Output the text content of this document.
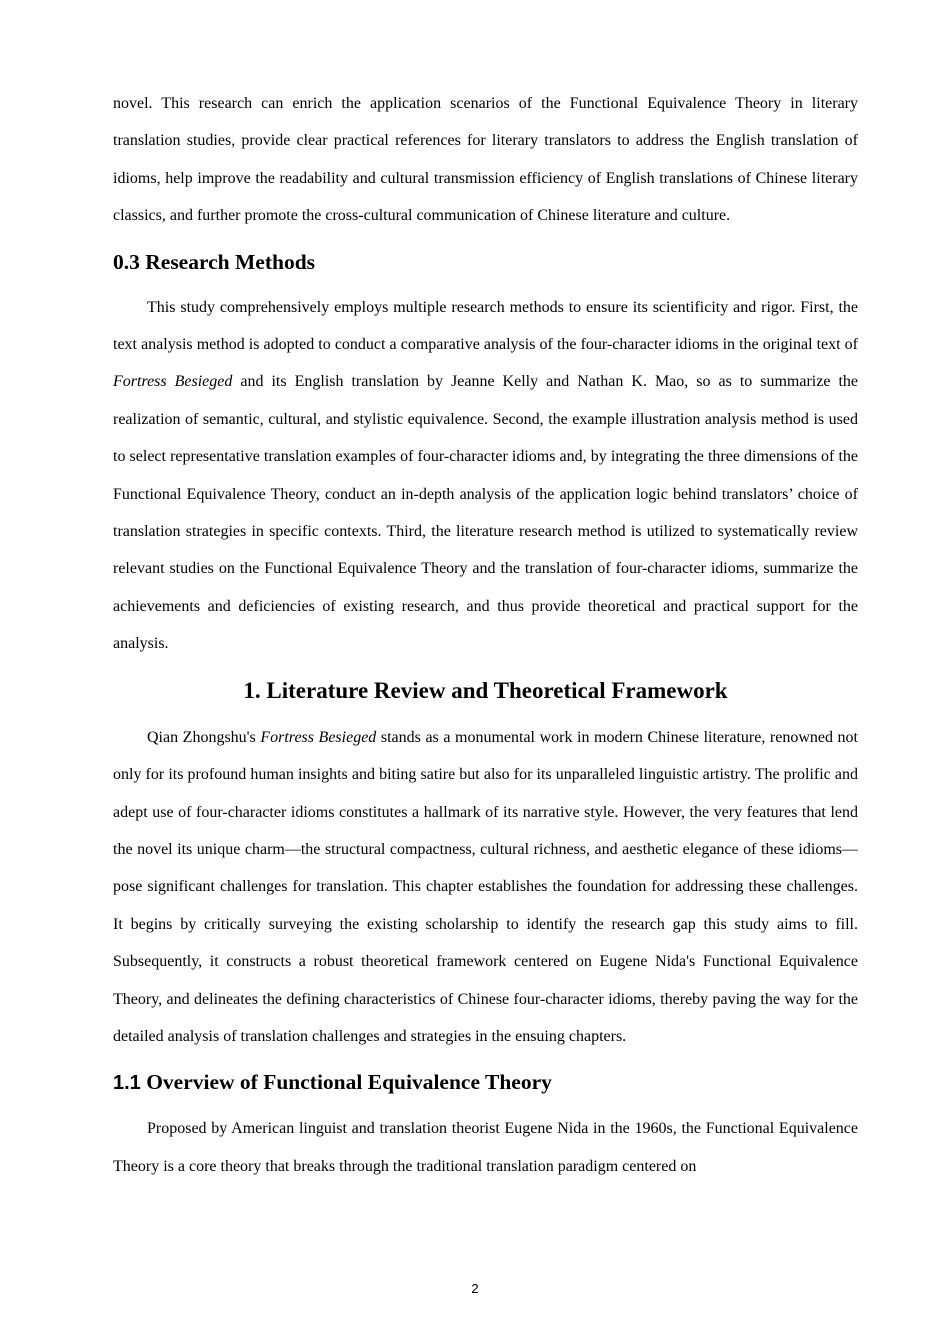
novel. This research can enrich the application scenarios of the Functional Equivalence Theory in literary translation studies, provide clear practical references for literary translators to address the English translation of idioms, help improve the readability and cultural transmission efficiency of English translations of Chinese literary classics, and further promote the cross-cultural communication of Chinese literature and culture.

0.3 Research Methods

This study comprehensively employs multiple research methods to ensure its scientificity and rigor. First, the text analysis method is adopted to conduct a comparative analysis of the four-character idioms in the original text of Fortress Besieged and its English translation by Jeanne Kelly and Nathan K. Mao, so as to summarize the realization of semantic, cultural, and stylistic equivalence. Second, the example illustration analysis method is used to select representative translation examples of four-character idioms and, by integrating the three dimensions of the Functional Equivalence Theory, conduct an in-depth analysis of the application logic behind translators’ choice of translation strategies in specific contexts. Third, the literature research method is utilized to systematically review relevant studies on the Functional Equivalence Theory and the translation of four-character idioms, summarize the achievements and deficiencies of existing research, and thus provide theoretical and practical support for the analysis.

1. Literature Review and Theoretical Framework

Qian Zhongshu's Fortress Besieged stands as a monumental work in modern Chinese literature, renowned not only for its profound human insights and biting satire but also for its unparalleled linguistic artistry. The prolific and adept use of four-character idioms constitutes a hallmark of its narrative style. However, the very features that lend the novel its unique charm—the structural compactness, cultural richness, and aesthetic elegance of these idioms—pose significant challenges for translation. This chapter establishes the foundation for addressing these challenges. It begins by critically surveying the existing scholarship to identify the research gap this study aims to fill. Subsequently, it constructs a robust theoretical framework centered on Eugene Nida's Functional Equivalence Theory, and delineates the defining characteristics of Chinese four-character idioms, thereby paving the way for the detailed analysis of translation challenges and strategies in the ensuing chapters.

1.1 Overview of Functional Equivalence Theory

Proposed by American linguist and translation theorist Eugene Nida in the 1960s, the Functional Equivalence Theory is a core theory that breaks through the traditional translation paradigm centered on

2
